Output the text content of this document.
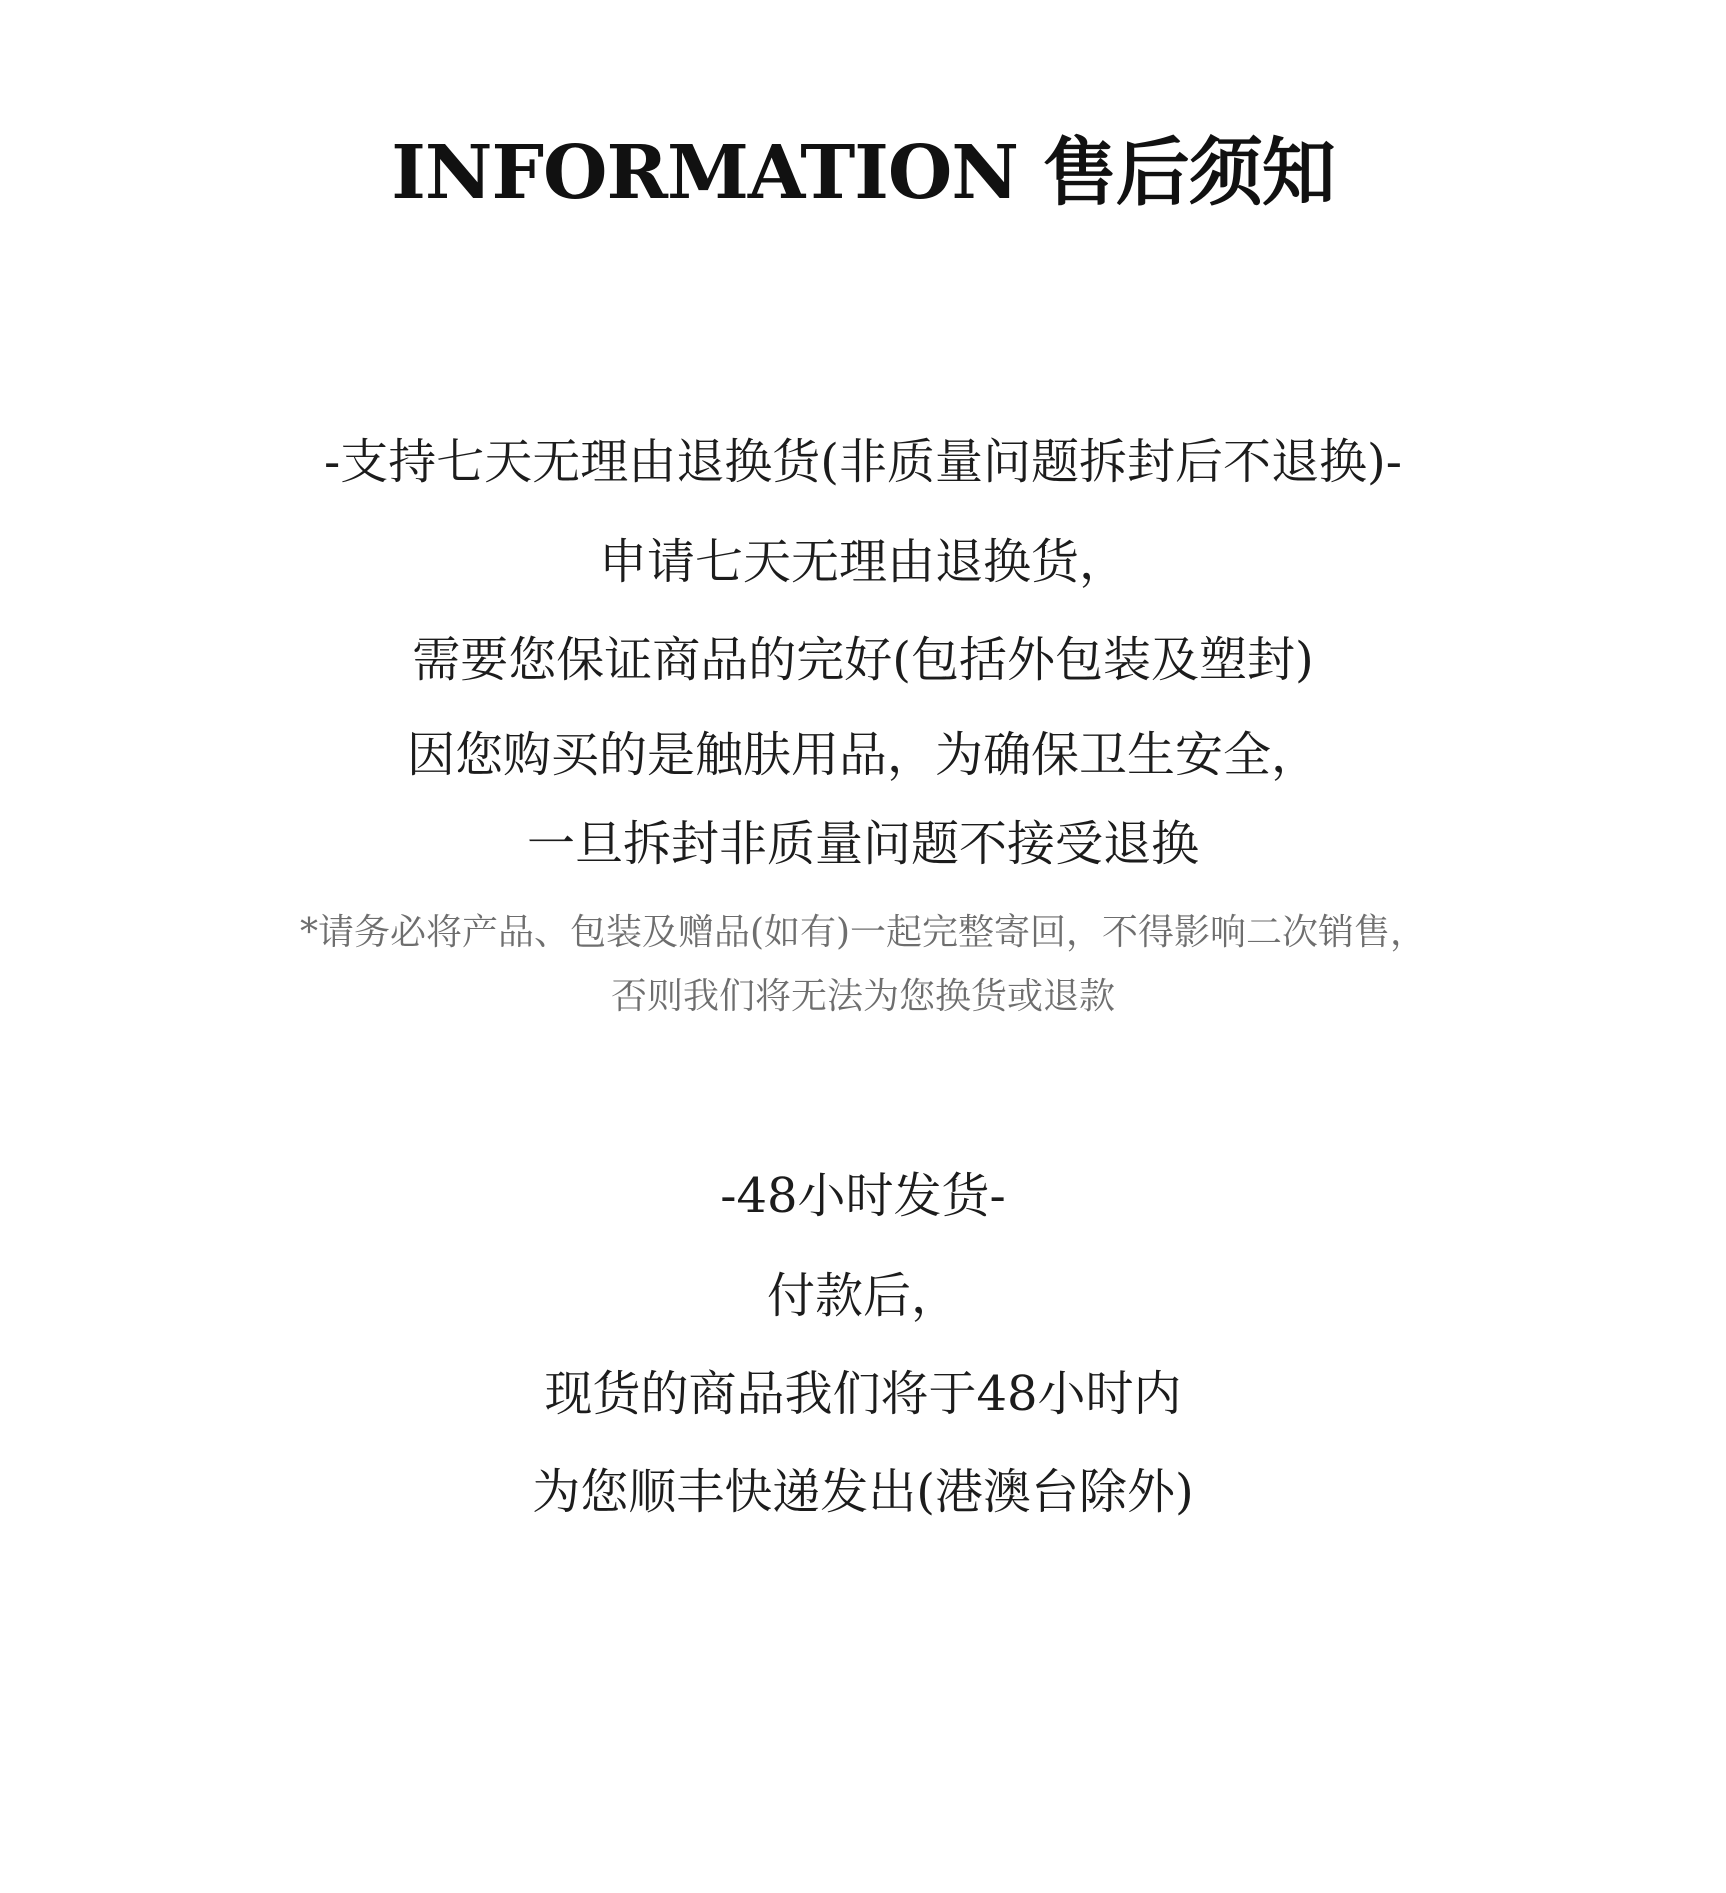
INFORMATION 售后须知
-支持七天无理由退换货(非质量问题拆封后不退换)-
申请七天无理由退换货，
需要您保证商品的完好(包括外包装及塑封)
因您购买的是触肤用品，为确保卫生安全，
一旦拆封非质量问题不接受退换
*请务必将产品、包装及赠品(如有)一起完整寄回，不得影响二次销售，
否则我们将无法为您换货或退款
-48小时发货-
付款后，
现货的商品我们将于48小时内
为您顺丰快递发出(港澳台除外)
